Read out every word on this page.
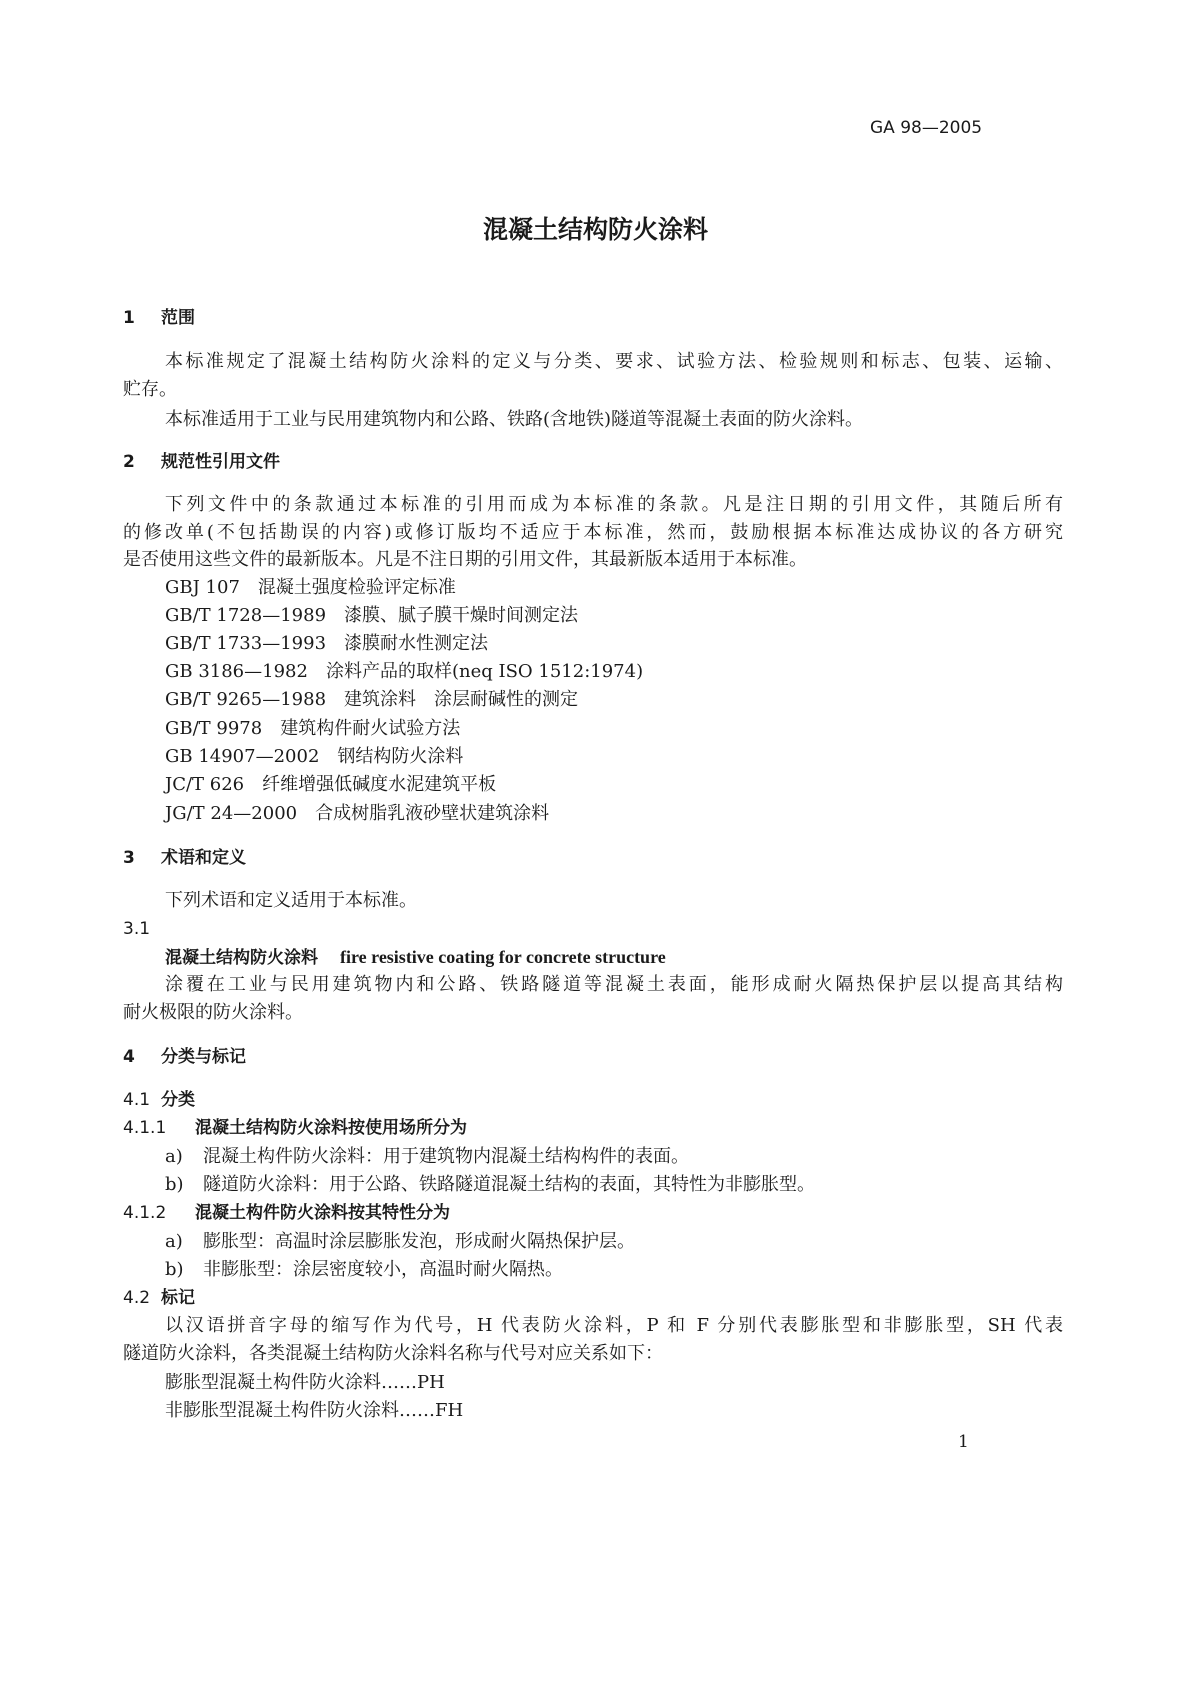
GA 98—2005
混凝土结构防火涂料
1 范围
本标准规定了混凝土结构防火涂料的定义与分类、要求、试验方法、检验规则和标志、包装、运输、
贮存。
本标准适用于工业与民用建筑物内和公路、铁路(含地铁)隧道等混凝土表面的防火涂料。
2 规范性引用文件
下列文件中的条款通过本标准的引用而成为本标准的条款。凡是注日期的引用文件，其随后所有
的修改单(不包括勘误的内容)或修订版均不适应于本标准，然而，鼓励根据本标准达成协议的各方研究
是否使用这些文件的最新版本。凡是不注日期的引用文件，其最新版本适用于本标准。
GBJ 107 混凝土强度检验评定标准
GB/T 1728—1989 漆膜、腻子膜干燥时间测定法
GB/T 1733—1993 漆膜耐水性测定法
GB 3186—1982 涂料产品的取样(neq ISO 1512:1974)
GB/T 9265—1988 建筑涂料　涂层耐碱性的测定
GB/T 9978 建筑构件耐火试验方法
GB 14907—2002 钢结构防火涂料
JC/T 626 纤维增强低碱度水泥建筑平板
JG/T 24—2000 合成树脂乳液砂壁状建筑涂料
3 术语和定义
下列术语和定义适用于本标准。
3.1
混凝土结构防火涂料 fire resistive coating for concrete structure
涂覆在工业与民用建筑物内和公路、铁路隧道等混凝土表面，能形成耐火隔热保护层以提高其结构
耐火极限的防火涂料。
4 分类与标记
4.1 分类
4.1.1 混凝土结构防火涂料按使用场所分为
a) 混凝土构件防火涂料：用于建筑物内混凝土结构构件的表面。
b) 隧道防火涂料：用于公路、铁路隧道混凝土结构的表面，其特性为非膨胀型。
4.1.2 混凝土构件防火涂料按其特性分为
a) 膨胀型：高温时涂层膨胀发泡，形成耐火隔热保护层。
b) 非膨胀型：涂层密度较小，高温时耐火隔热。
4.2 标记
以汉语拼音字母的缩写作为代号，H 代表防火涂料，P 和 F 分别代表膨胀型和非膨胀型，SH 代表
隧道防火涂料，各类混凝土结构防火涂料名称与代号对应关系如下：
膨胀型混凝土构件防火涂料……PH
非膨胀型混凝土构件防火涂料……FH
1
